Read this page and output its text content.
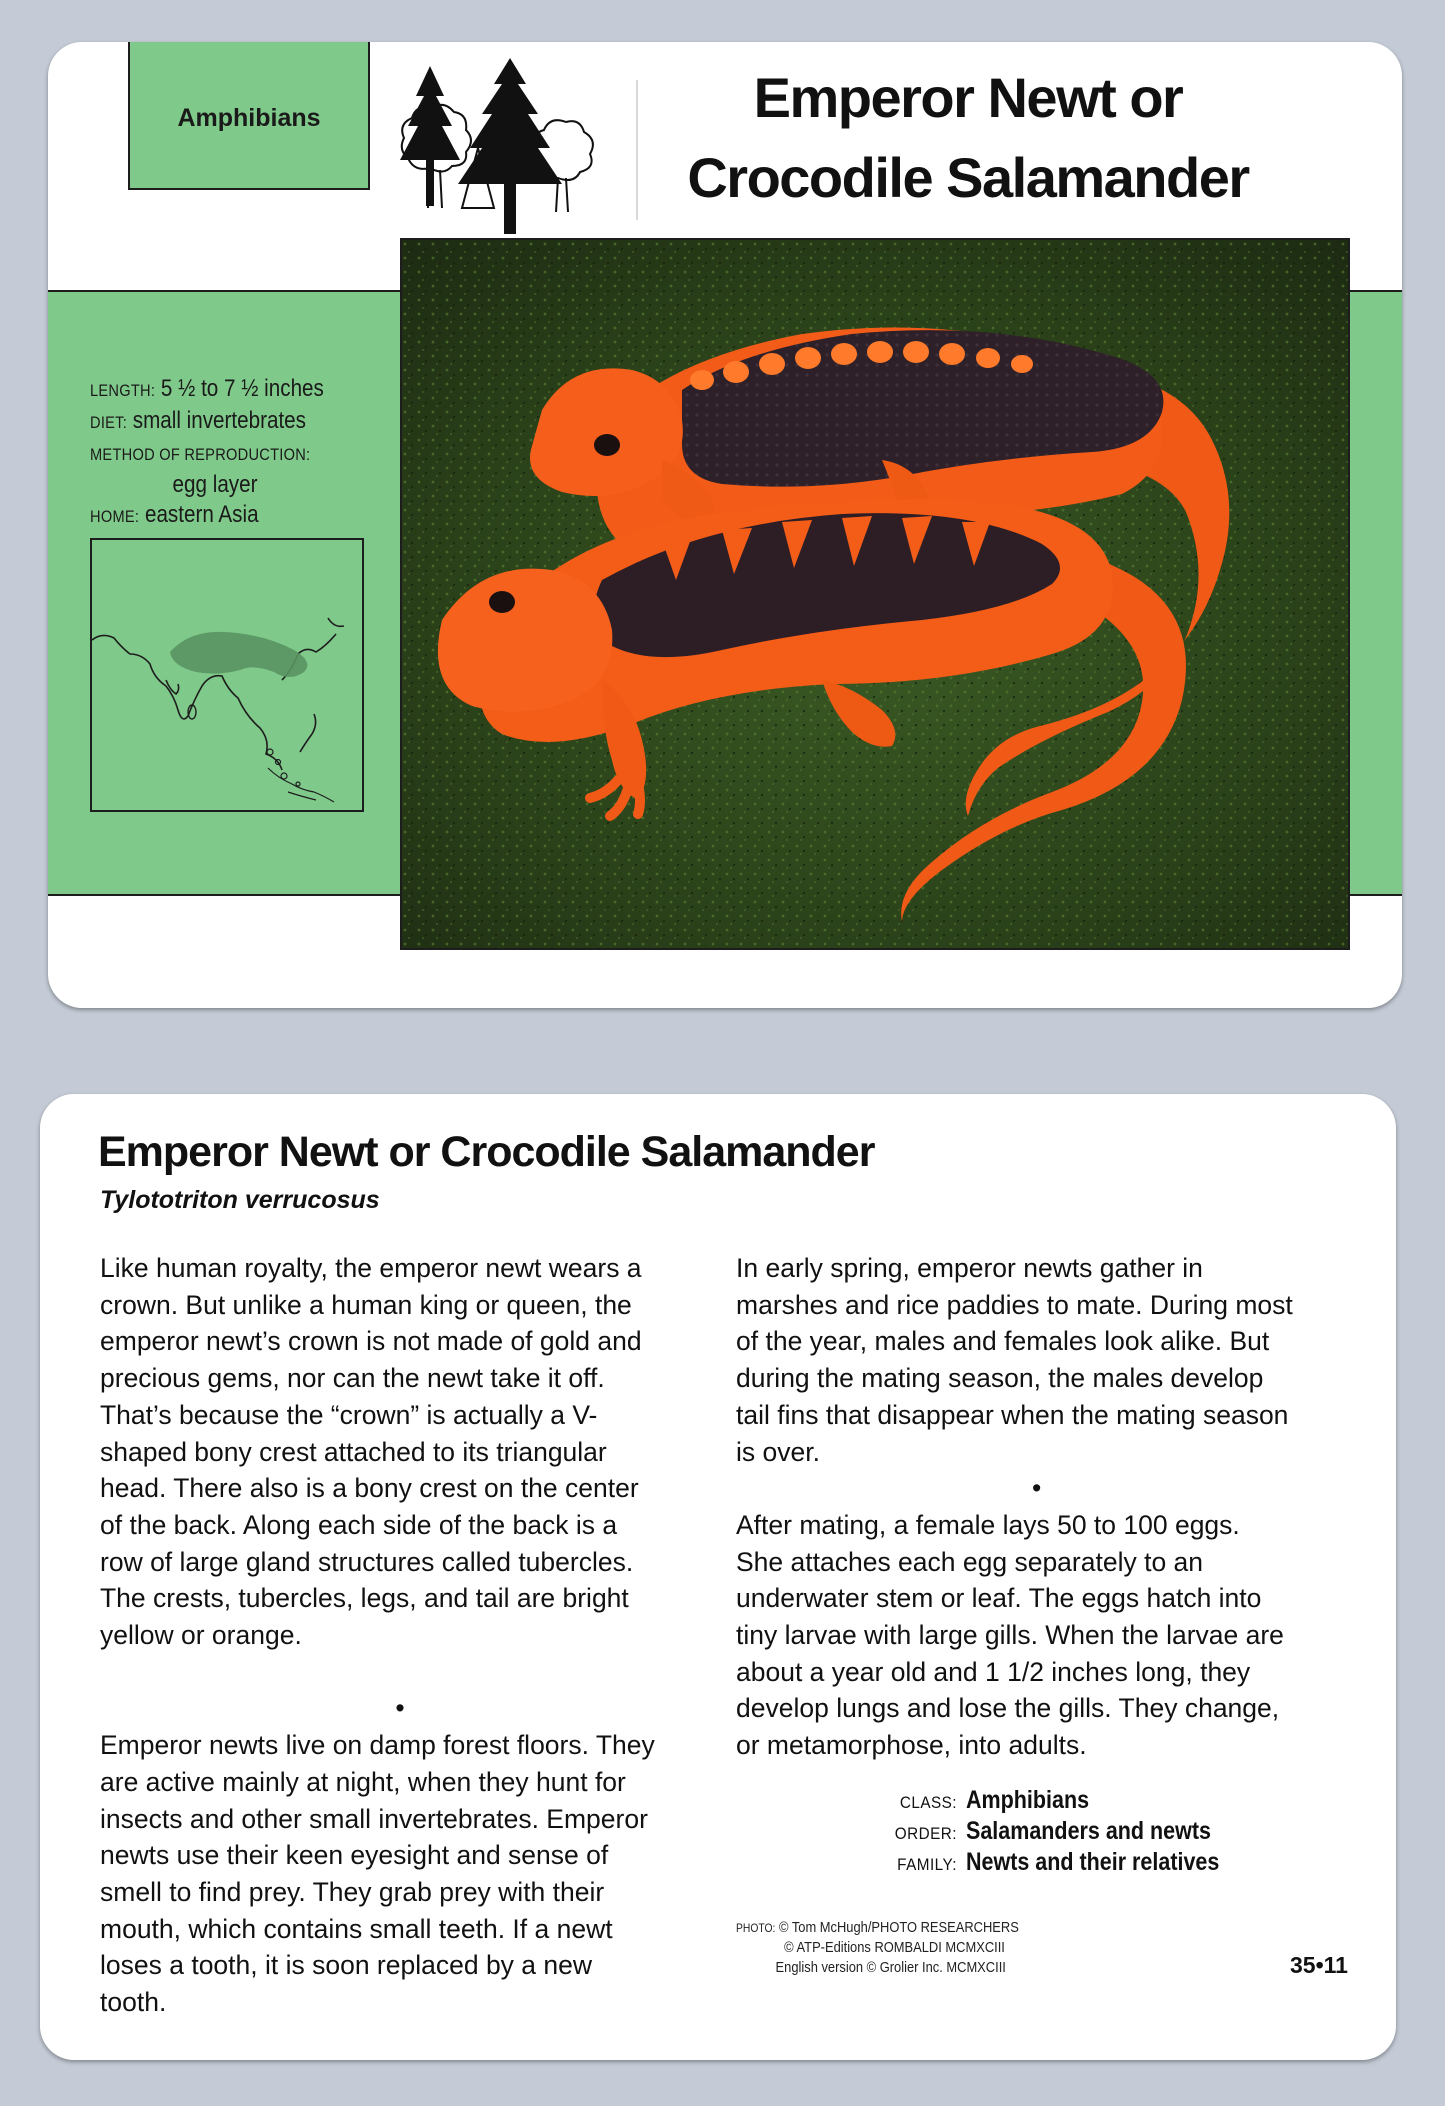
Amphibians	Emperor Newt or
Crocodile Salamander
LENGTH: 5 ½ to 7 ½ inches
DIET: small invertebrates
METHOD OF REPRODUCTION:
egg layer
HOME: eastern Asia
Emperor Newt or Crocodile Salamander
Tylototriton verrucosus
Like human royalty, the emperor newt wears a
crown. But unlike a human king or queen, the
emperor newt’s crown is not made of gold and
precious gems, nor can the newt take it off.
That’s because the “crown” is actually a V-
shaped bony crest attached to its triangular
head. There also is a bony crest on the center
of the back. Along each side of the back is a
row of large gland structures called tubercles.
The crests, tubercles, legs, and tail are bright
yellow or orange.
•
Emperor newts live on damp forest floors. They
are active mainly at night, when they hunt for
insects and other small invertebrates. Emperor
newts use their keen eyesight and sense of
smell to find prey. They grab prey with their
mouth, which contains small teeth. If a newt
loses a tooth, it is soon replaced by a new
tooth.
In early spring, emperor newts gather in
marshes and rice paddies to mate. During most
of the year, males and females look alike. But
during the mating season, the males develop
tail fins that disappear when the mating season
is over.
•
After mating, a female lays 50 to 100 eggs.
She attaches each egg separately to an
underwater stem or leaf. The eggs hatch into
tiny larvae with large gills. When the larvae are
about a year old and 1 1/2 inches long, they
develop lungs and lose the gills. They change,
or metamorphose, into adults.
CLASS: Amphibians
ORDER: Salamanders and newts
FAMILY: Newts and their relatives
PHOTO: © Tom McHugh/PHOTO RESEARCHERS
© ATP-Editions ROMBALDI MCMXCIII
English version © Grolier Inc. MCMXCIII	35•11
